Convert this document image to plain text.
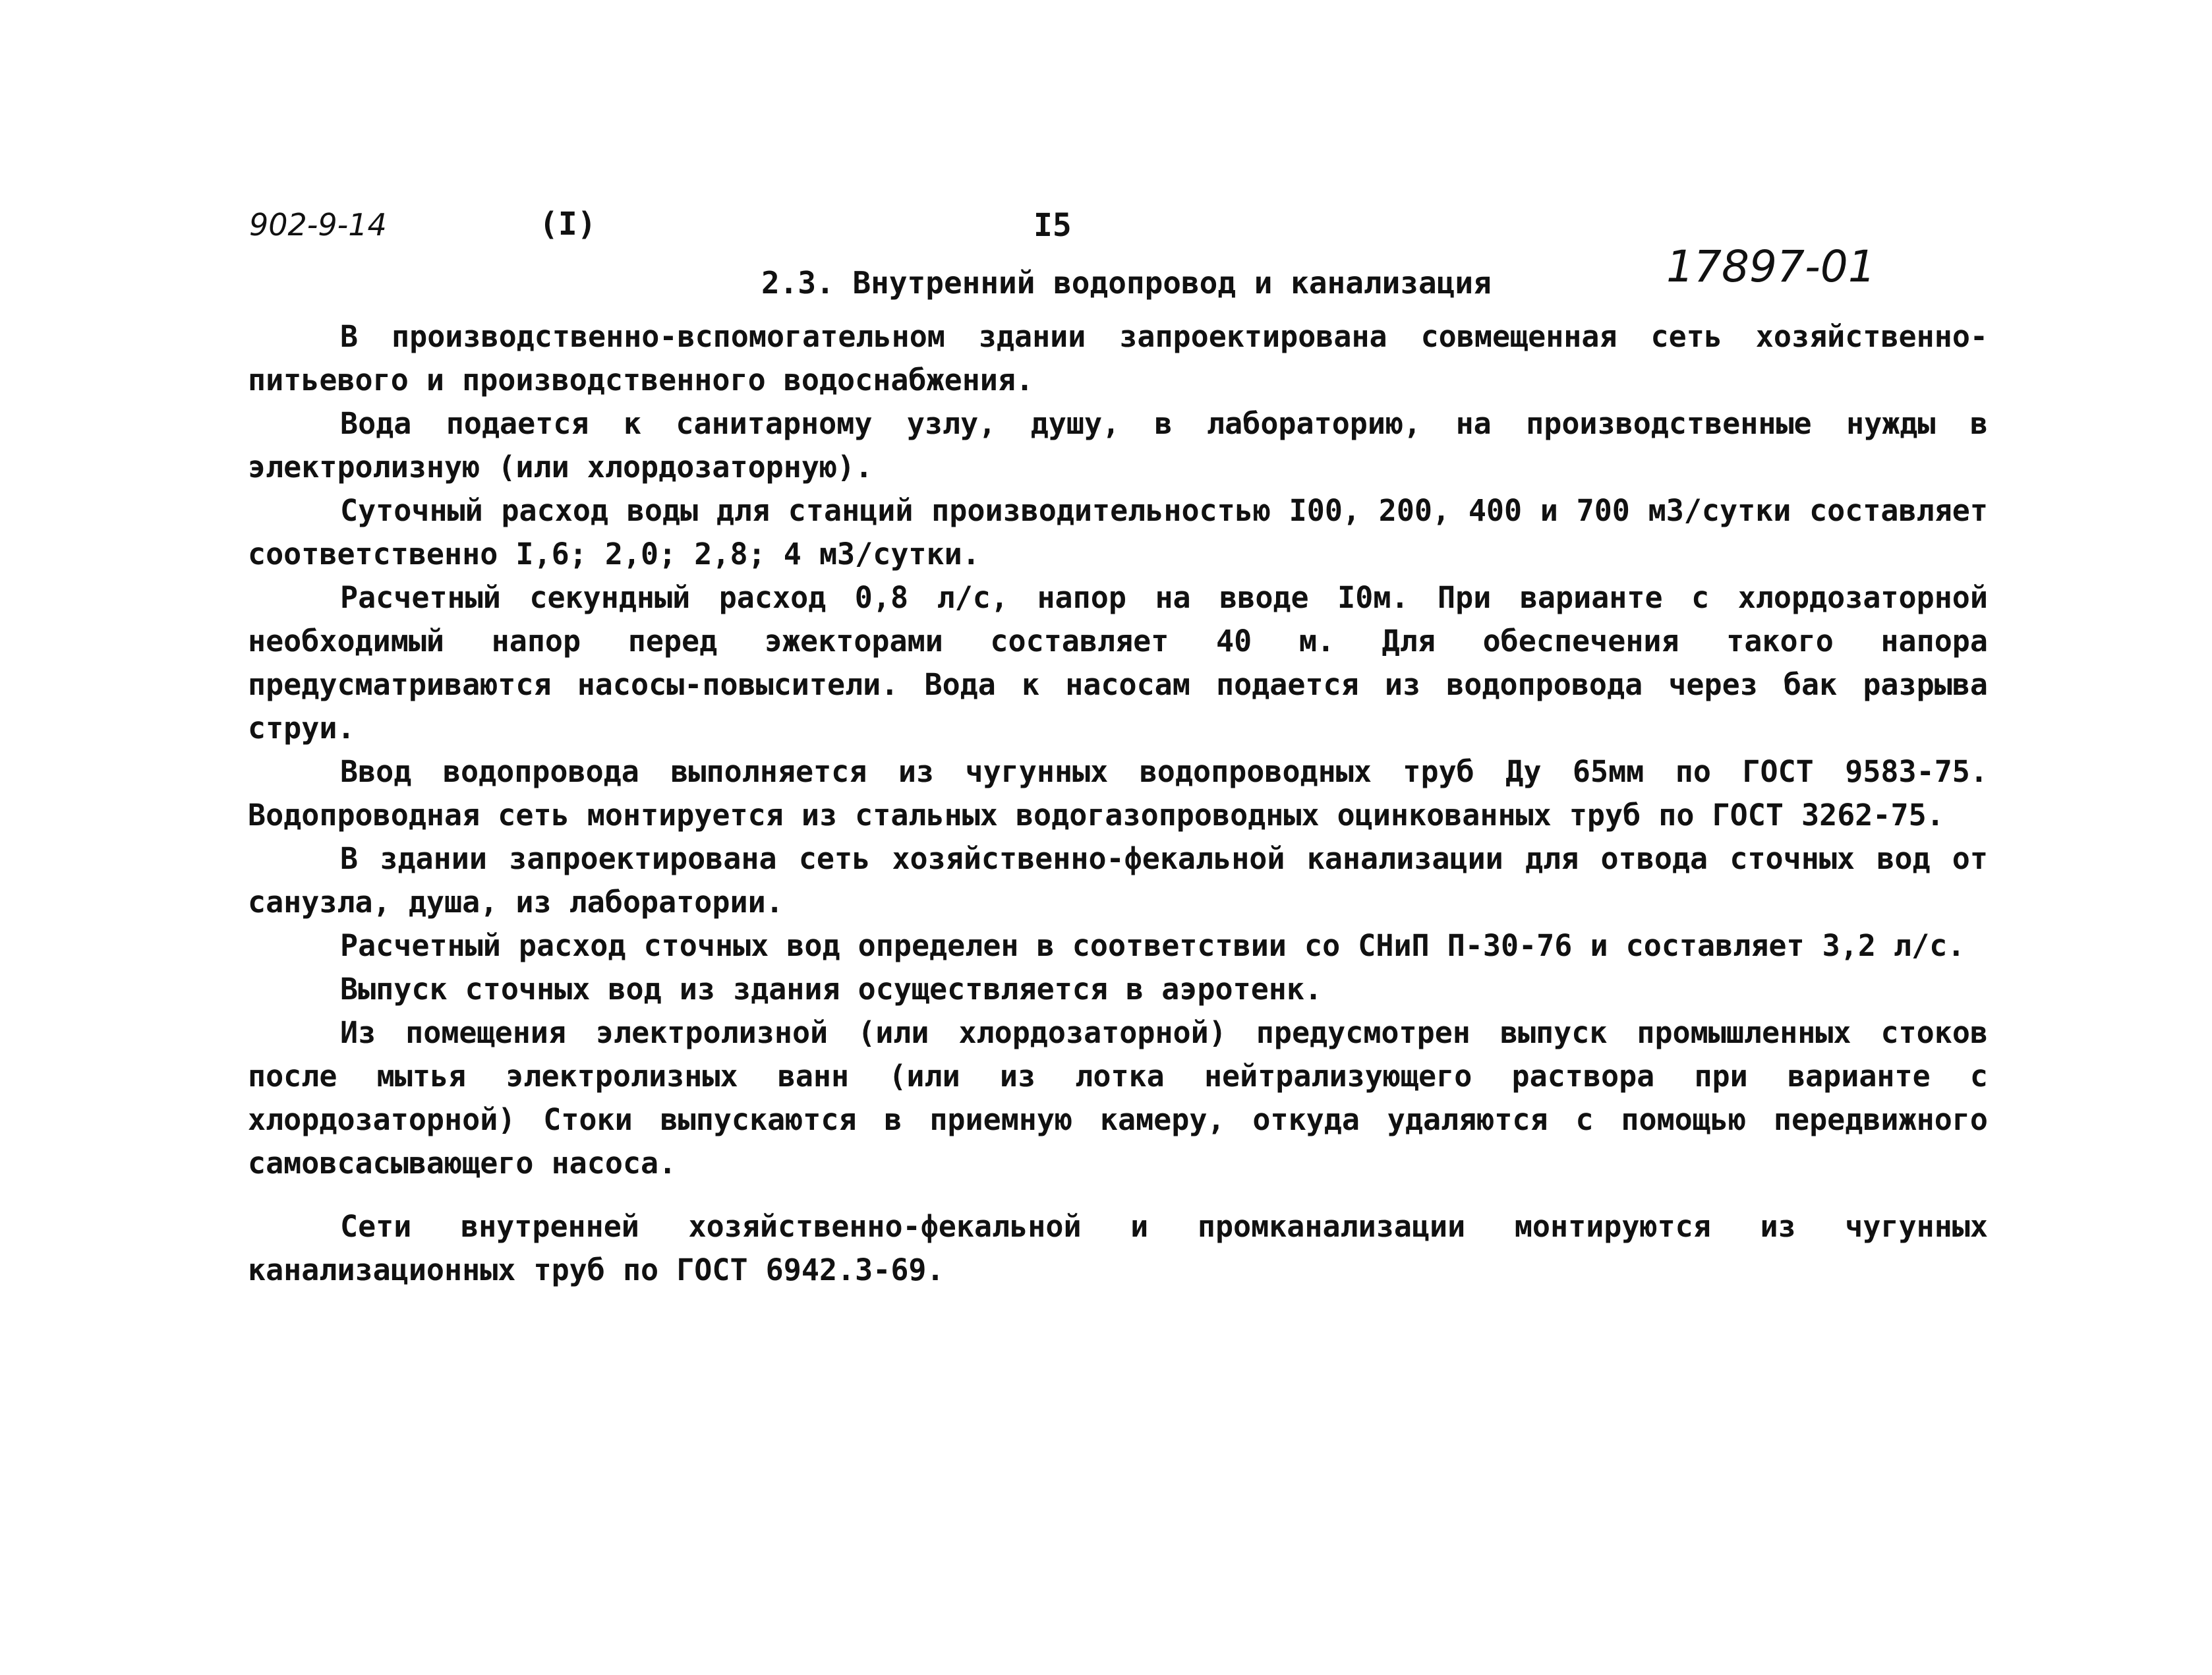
902-9-14	(I)	I5
17897-01
2.3. Внутренний водопровод и канализация

В производственно-вспомогательном здании запроектирована совмещенная сеть хозяйственно-питьевого и производственного водоснабжения.

Вода подается к санитарному узлу, душу, в лабораторию, на производственные нужды в электролизную (или хлордозаторную).

Суточный расход воды для станций производительностью I00, 200, 400 и 700 м3/сутки составляет соответственно I,6; 2,0; 2,8; 4 м3/сутки.

Расчетный секундный расход 0,8 л/с, напор на вводе I0м. При варианте с хлордозаторной необходимый напор перед эжекторами составляет 40 м. Для обеспечения такого напора предусматриваются насосы-повысители. Вода к насосам подается из водопровода через бак разрыва струи.

Ввод водопровода выполняется из чугунных водопроводных труб Ду 65мм по ГОСТ 9583-75. Водопроводная сеть монтируется из стальных водогазопроводных оцинкованных труб по ГОСТ 3262-75.

В здании запроектирована сеть хозяйственно-фекальной канализации для отвода сточных вод от санузла, душа, из лаборатории.

Расчетный расход сточных вод определен в соответствии со СНиП П-30-76 и составляет 3,2 л/с.

Выпуск сточных вод из здания осуществляется в аэротенк.

Из помещения электролизной (или хлордозаторной) предусмотрен выпуск промышленных стоков после мытья электролизных ванн (или из лотка нейтрализующего раствора при варианте с хлордозаторной) Стоки выпускаются в приемную камеру, откуда удаляются с помощью передвижного самовсасывающего насоса.

Сети внутренней хозяйственно-фекальной и промканализации монтируются из чугунных канализационных труб по ГОСТ 6942.3-69.
